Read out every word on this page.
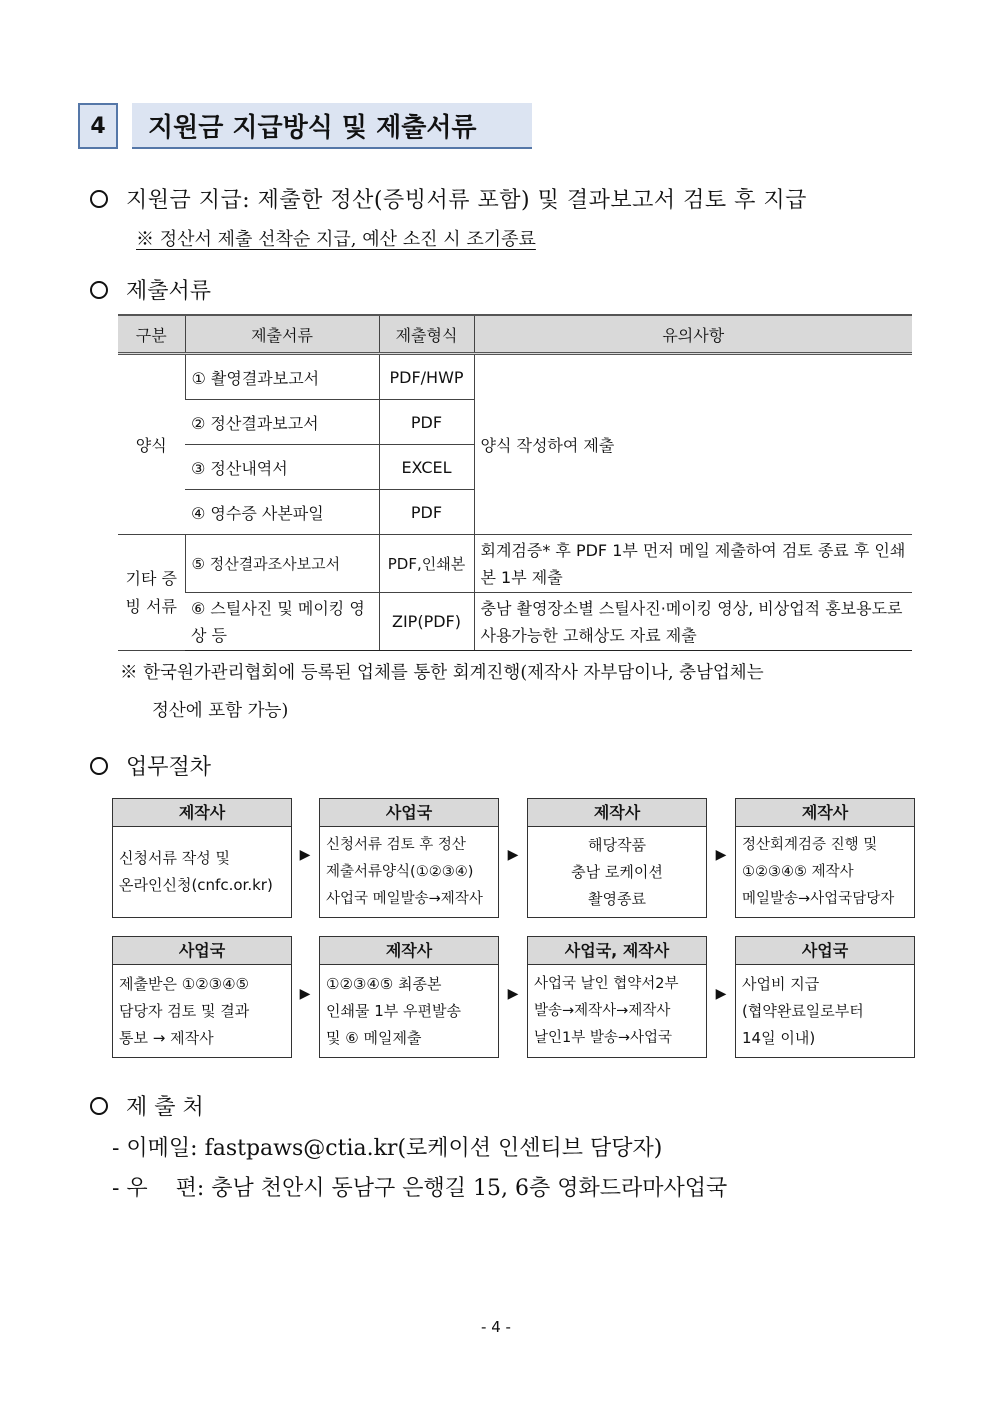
4	지원금 지급방식 및 제출서류
지원금 지급: 제출한 정산(증빙서류 포함) 및 결과보고서 검토 후 지급
※ 정산서 제출 선착순 지급, 예산 소진 시 조기종료
제출서류
구분	제출서류	제출형식	유의사항
양식	① 촬영결과보고서	PDF/HWP	양식 작성하여 제출
	② 정산결과보고서	PDF	
	③ 정산내역서	EXCEL	
	④ 영수증 사본파일	PDF	
기타 증빙 서류	⑤ 정산결과조사보고서	PDF,인쇄본	회계검증* 후 PDF 1부 먼저 메일 제출하여 검토 종료 후 인쇄본 1부 제출
	⑥ 스틸사진 및 메이킹 영상 등	ZIP(PDF)	충남 촬영장소별 스틸사진·메이킹 영상, 비상업적 홍보용도로 사용가능한 고해상도 자료 제출
※ 한국원가관리협회에 등록된 업체를 통한 회계진행(제작사 자부담이나, 충남업체는
정산에 포함 가능)
업무절차
제작사
신청서류 작성 및
온라인신청(cnfc.or.kr)
▶
사업국
신청서류 검토 후 정산
제출서류양식(①②③④)
사업국 메일발송→제작사
▶
제작사
해당작품
충남 로케이션
촬영종료
▶
제작사
정산회계검증 진행 및
①②③④⑤ 제작사
메일발송→사업국담당자
사업국
제출받은 ①②③④⑤
담당자 검토 및 결과
통보 → 제작사
▶
제작사
①②③④⑤ 최종본
인쇄물 1부 우편발송
및 ⑥ 메일제출
▶
사업국, 제작사
사업국 날인 협약서2부
발송→제작사→제작사
날인1부 발송→사업국
▶
사업국
사업비 지급
(협약완료일로부터
14일 이내)
제 출 처
- 이메일: fastpaws@ctia.kr(로케이션 인센티브 담당자)
- 우    편: 충남 천안시 동남구 은행길 15, 6층 영화드라마사업국
- 4 -
